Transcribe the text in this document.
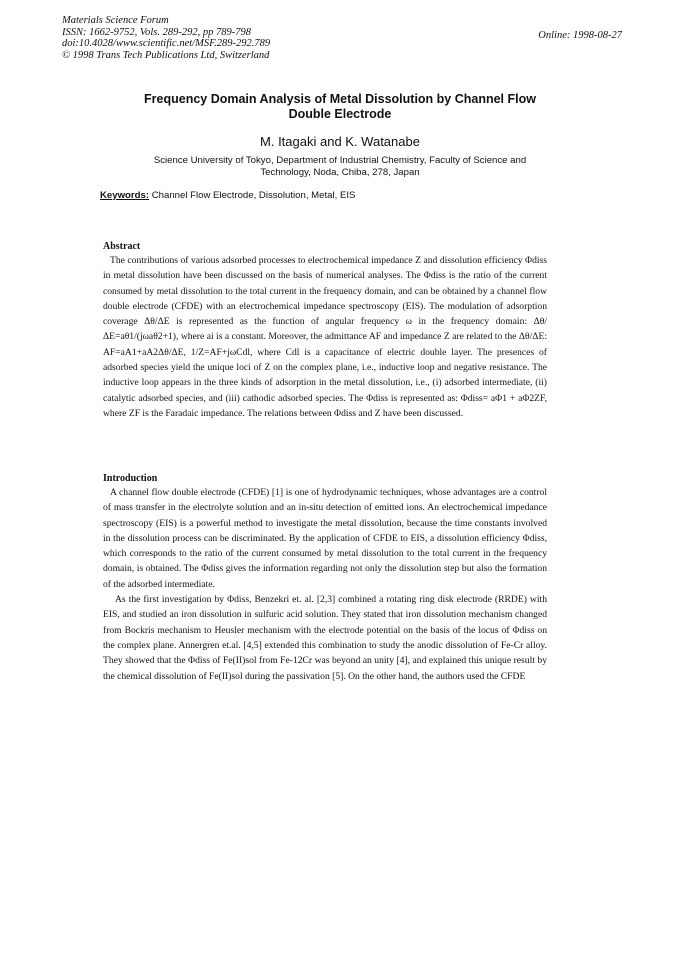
Materials Science Forum
ISSN: 1662-9752, Vols. 289-292, pp 789-798
doi:10.4028/www.scientific.net/MSF.289-292.789
© 1998 Trans Tech Publications Ltd, Switzerland
Online: 1998-08-27
Frequency Domain Analysis of Metal Dissolution by Channel Flow
Double Electrode
M. Itagaki and K. Watanabe
Science University of Tokyo, Department of Industrial Chemistry, Faculty of Science and
Technology, Noda, Chiba, 278, Japan
Keywords: Channel Flow Electrode, Dissolution, Metal, EIS
Abstract

The contributions of various adsorbed processes to electrochemical impedance Z and dissolution efficiency Φdiss in metal dissolution have been discussed on the basis of numerical analyses. The Φdiss is the ratio of the current consumed by metal dissolution to the total current in the frequency domain, and can be obtained by a channel flow double electrode (CFDE) with an electrochemical impedance spectroscopy (EIS). The modulation of adsorption coverage Δθ/ΔE is represented as the function of angular frequency ω in the frequency domain: Δθ/ΔE=aθ1/(jωaθ2+1), where ai is a constant. Moreover, the admittance AF and impedance Z are related to the Δθ/ΔE: AF=aA1+aA2Δθ/ΔE, 1/Z=AF+jωCdl, where Cdl is a capacitance of electric double layer. The presences of adsorbed species yield the unique loci of Z on the complex plane, i.e., inductive loop and negative resistance. The inductive loop appears in the three kinds of adsorption in the metal dissolution, i.e., (i) adsorbed intermediate, (ii) catalytic adsorbed species, and (iii) cathodic adsorbed species. The Φdiss is represented as: Φdiss= aΦ1 + aΦ2ZF, where ZF is the Faradaic impedance. The relations between Φdiss and Z have been discussed.

Introduction

A channel flow double electrode (CFDE) [1] is one of hydrodynamic techniques, whose advantages are a control of mass transfer in the electrolyte solution and an in-situ detection of emitted ions. An electrochemical impedance spectroscopy (EIS) is a powerful method to investigate the metal dissolution, because the time constants involved in the dissolution process can be discriminated. By the application of CFDE to EIS, a dissolution efficiency Φdiss, which corresponds to the ratio of the current consumed by metal dissolution to the total current in the frequency domain, is obtained. The Φdiss gives the information regarding not only the dissolution step but also the formation of the adsorbed intermediate.

As the first investigation by Φdiss, Benzekri et. al. [2,3] combined a rotating ring disk electrode (RRDE) with EIS, and studied an iron dissolution in sulfuric acid solution. They stated that iron dissolution mechanism changed from Bockris mechanism to Heusler mechanism with the electrode potential on the basis of the locus of Φdiss on the complex plane. Annergren et.al. [4,5] extended this combination to study the anodic dissolution of Fe-Cr alloy. They showed that the Φdiss of Fe(II)sol from Fe-12Cr was beyond an unity [4], and explained this unique result by the chemical dissolution of Fe(II)sol during the passivation [5]. On the other hand, the authors used the CFDE
